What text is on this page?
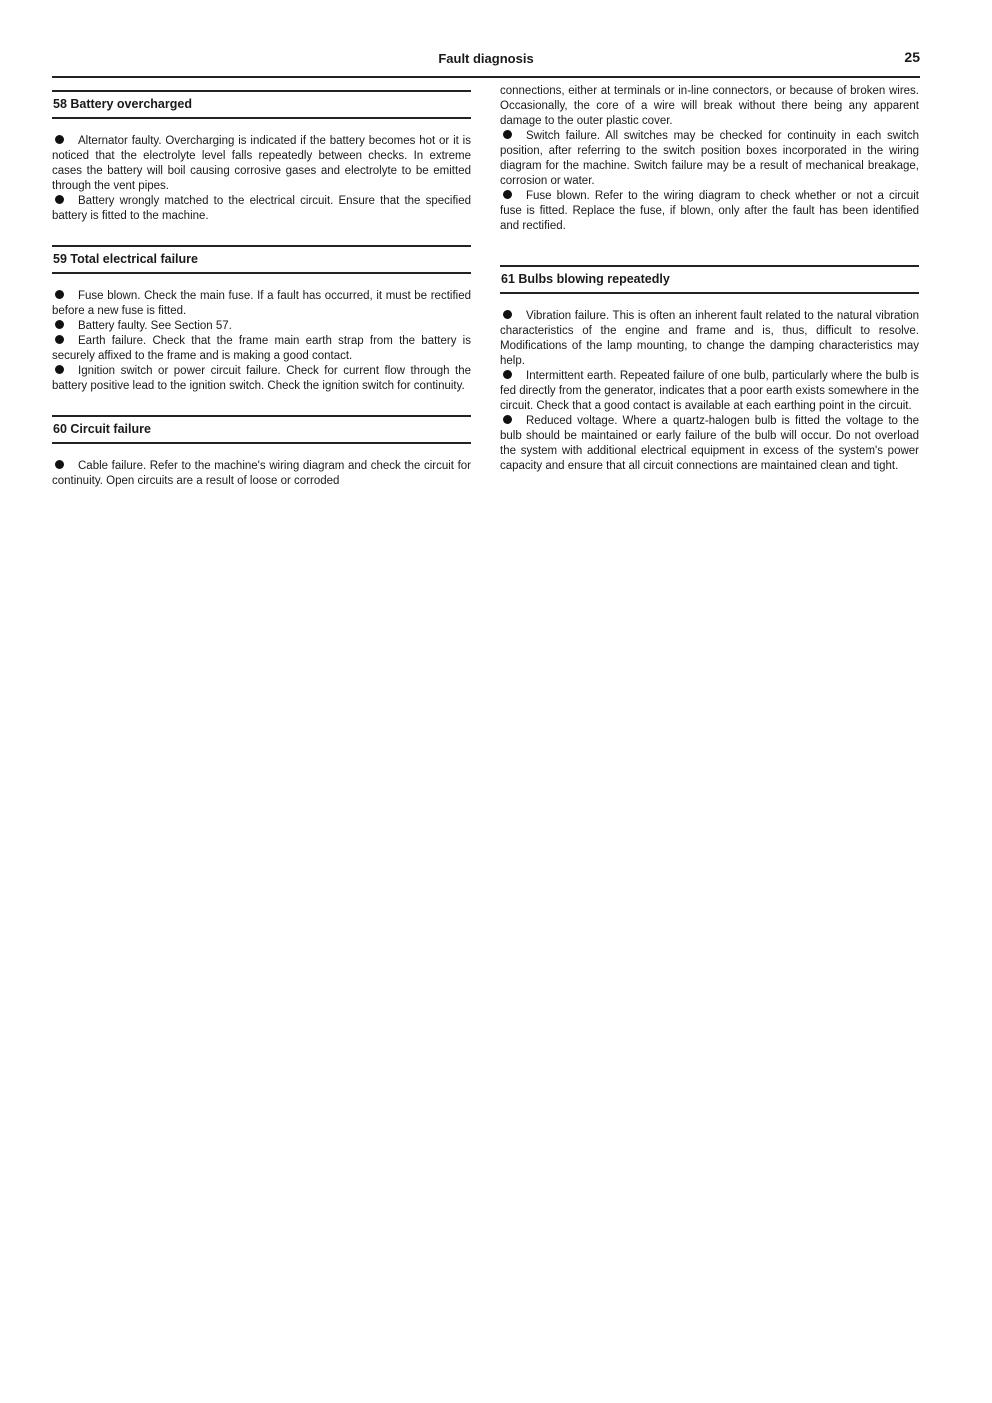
Fault diagnosis	25
58 Battery overcharged

Alternator faulty. Overcharging is indicated if the battery becomes hot or it is noticed that the electrolyte level falls repeatedly between checks. In extreme cases the battery will boil causing corrosive gases and electrolyte to be emitted through the vent pipes.

Battery wrongly matched to the electrical circuit. Ensure that the specified battery is fitted to the machine.

59 Total electrical failure

Fuse blown. Check the main fuse. If a fault has occurred, it must be rectified before a new fuse is fitted.

Battery faulty. See Section 57.

Earth failure. Check that the frame main earth strap from the battery is securely affixed to the frame and is making a good contact.

Ignition switch or power circuit failure. Check for current flow through the battery positive lead to the ignition switch. Check the ignition switch for continuity.

60 Circuit failure

Cable failure. Refer to the machine's wiring diagram and check the circuit for continuity. Open circuits are a result of loose or corroded

connections, either at terminals or in-line connectors, or because of broken wires. Occasionally, the core of a wire will break without there being any apparent damage to the outer plastic cover.

Switch failure. All switches may be checked for continuity in each switch position, after referring to the switch position boxes incorporated in the wiring diagram for the machine. Switch failure may be a result of mechanical breakage, corrosion or water.

Fuse blown. Refer to the wiring diagram to check whether or not a circuit fuse is fitted. Replace the fuse, if blown, only after the fault has been identified and rectified.

61 Bulbs blowing repeatedly

Vibration failure. This is often an inherent fault related to the natural vibration characteristics of the engine and frame and is, thus, difficult to resolve. Modifications of the lamp mounting, to change the damping characteristics may help.

Intermittent earth. Repeated failure of one bulb, particularly where the bulb is fed directly from the generator, indicates that a poor earth exists somewhere in the circuit. Check that a good contact is available at each earthing point in the circuit.

Reduced voltage. Where a quartz-halogen bulb is fitted the voltage to the bulb should be maintained or early failure of the bulb will occur. Do not overload the system with additional electrical equipment in excess of the system's power capacity and ensure that all circuit connections are maintained clean and tight.
